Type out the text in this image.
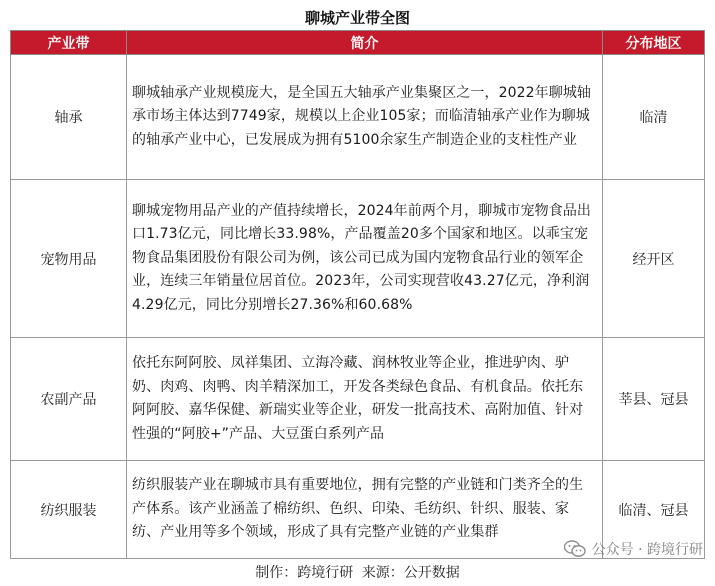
聊城产业带全图
产业带	简介	分布地区
轴承	聊城轴承产业规模庞大，是全国五大轴承产业集聚区之一，2022年聊城轴承市场主体达到7749家，规模以上企业105家；而临清轴承产业作为聊城的轴承产业中心，已发展成为拥有5100余家生产制造企业的支柱性产业	临清
宠物用品	聊城宠物用品产业的产值持续增长，2024年前两个月，聊城市宠物食品出口1.73亿元，同比增长33.98%，产品覆盖20多个国家和地区。以乖宝宠物食品集团股份有限公司为例，该公司已成为国内宠物食品行业的领军企业，连续三年销量位居首位。2023年，公司实现营收43.27亿元，净利润4.29亿元，同比分别增长27.36%和60.68%	经开区
农副产品	依托东阿阿胶、凤祥集团、立海冷藏、润林牧业等企业，推进驴肉、驴奶、肉鸡、肉鸭、肉羊精深加工，开发各类绿色食品、有机食品。依托东阿阿胶、嘉华保健、新瑞实业等企业，研发一批高技术、高附加值、针对性强的“阿胶+”产品、大豆蛋白系列产品	莘县、冠县
纺织服装	纺织服装产业在聊城市具有重要地位，拥有完整的产业链和门类齐全的生产体系。该产业涵盖了棉纺织、色织、印染、毛纺织、针织、服装、家纺、产业用等多个领域，形成了具有完整产业链的产业集群	临清、冠县
公众号 · 跨境行研
制作：跨境行研 来源：公开数据
